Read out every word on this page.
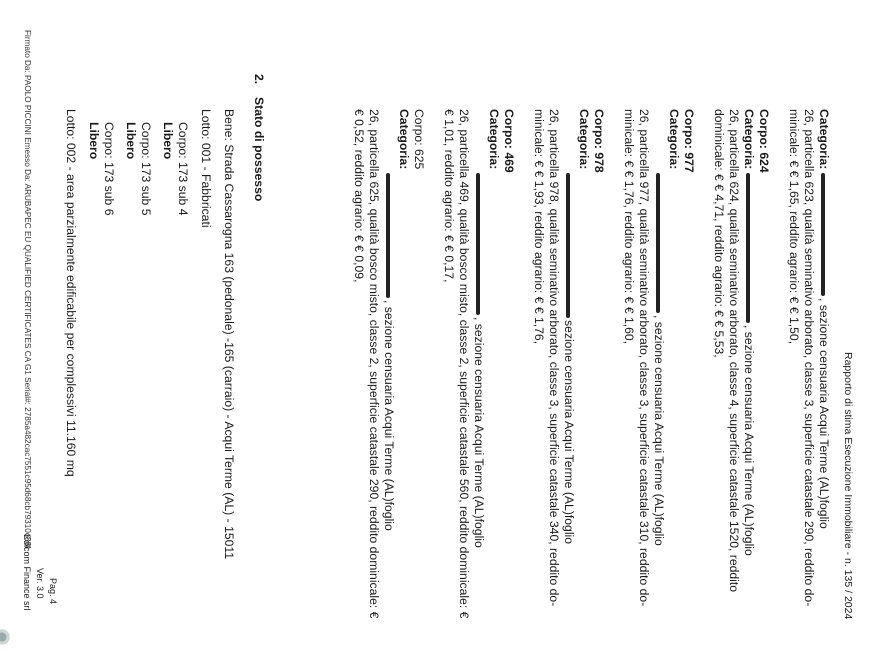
Rapporto di stima Esecuzione Immobiliare - n. 135 / 2024
Categoria:
, sezione censuaria Acqui Terme (AL)foglio
26, particella 623, qualità seminativo arborato, classe 3, superficie catastale 290, reddito do-
minicale: € € 1,65, reddito agrario: € € 1,50,
Corpo: 624
Categoria:
, sezione censuaria Acqui Terme (AL)foglio
26, particella 624, qualità seminativo arborato, classe 4, superficie catastale 1520, reddito
dominicale: € € 4,71, reddito agrario: € € 5,53,
Corpo: 977
Categoria:
, sezione censuaria Acqui Terme (AL)foglio
26, particella 977, qualità seminativo arborato, classe 3, superficie catastale 310, reddito do-
minicale: € € 1,76, reddito agrario: € € 1,60,
Corpo: 978
Categoria:
sezione censuaria Acqui Terme (AL)foglio
26, particella 978, qualità seminativo arborato, classe 3, superficie catastale 340, reddito do-
minicale: € € 1,93, reddito agrario: € € 1,76,
Corpo: 469
Categoria:
, sezione censuaria Acqui Terme (AL)foglio
26, particella 469, qualità bosco misto, classe 2, superficie catastale 560, reddito dominicale: €
€ 1,01, reddito agrario: € € 0,17,
Corpo: 625
Categoria:
, sezione censuaria Acqui Terme (AL)foglio
26, particella 625, qualità bosco misto, classe 2, superficie catastale 290, reddito dominicale: €
€ 0,52, reddito agrario: € € 0,09,
2.
Stato di possesso
Bene: Strada Cassarogna 163 (pedonale) -165 (carraio) - Acqui Terme (AL) - 15011
Lotto: 001 - Fabbricati
Corpo: 173 sub 4
Libero
Corpo: 173 sub 5
Libero
Corpo: 173 sub 6
Libero
Lotto: 002 - area parzialmente edificabile per complessivi 11.160 mq
Pag. 4
Ver. 3.0
Edicom Finance srl
Firmato Da: PAOLO PICCINI Emesso Da: ARUBAPEC EU QUALIFIED CERTIFICATES CA G1 Serial#: 2785a482cac7551c95d68cb79310c88f
